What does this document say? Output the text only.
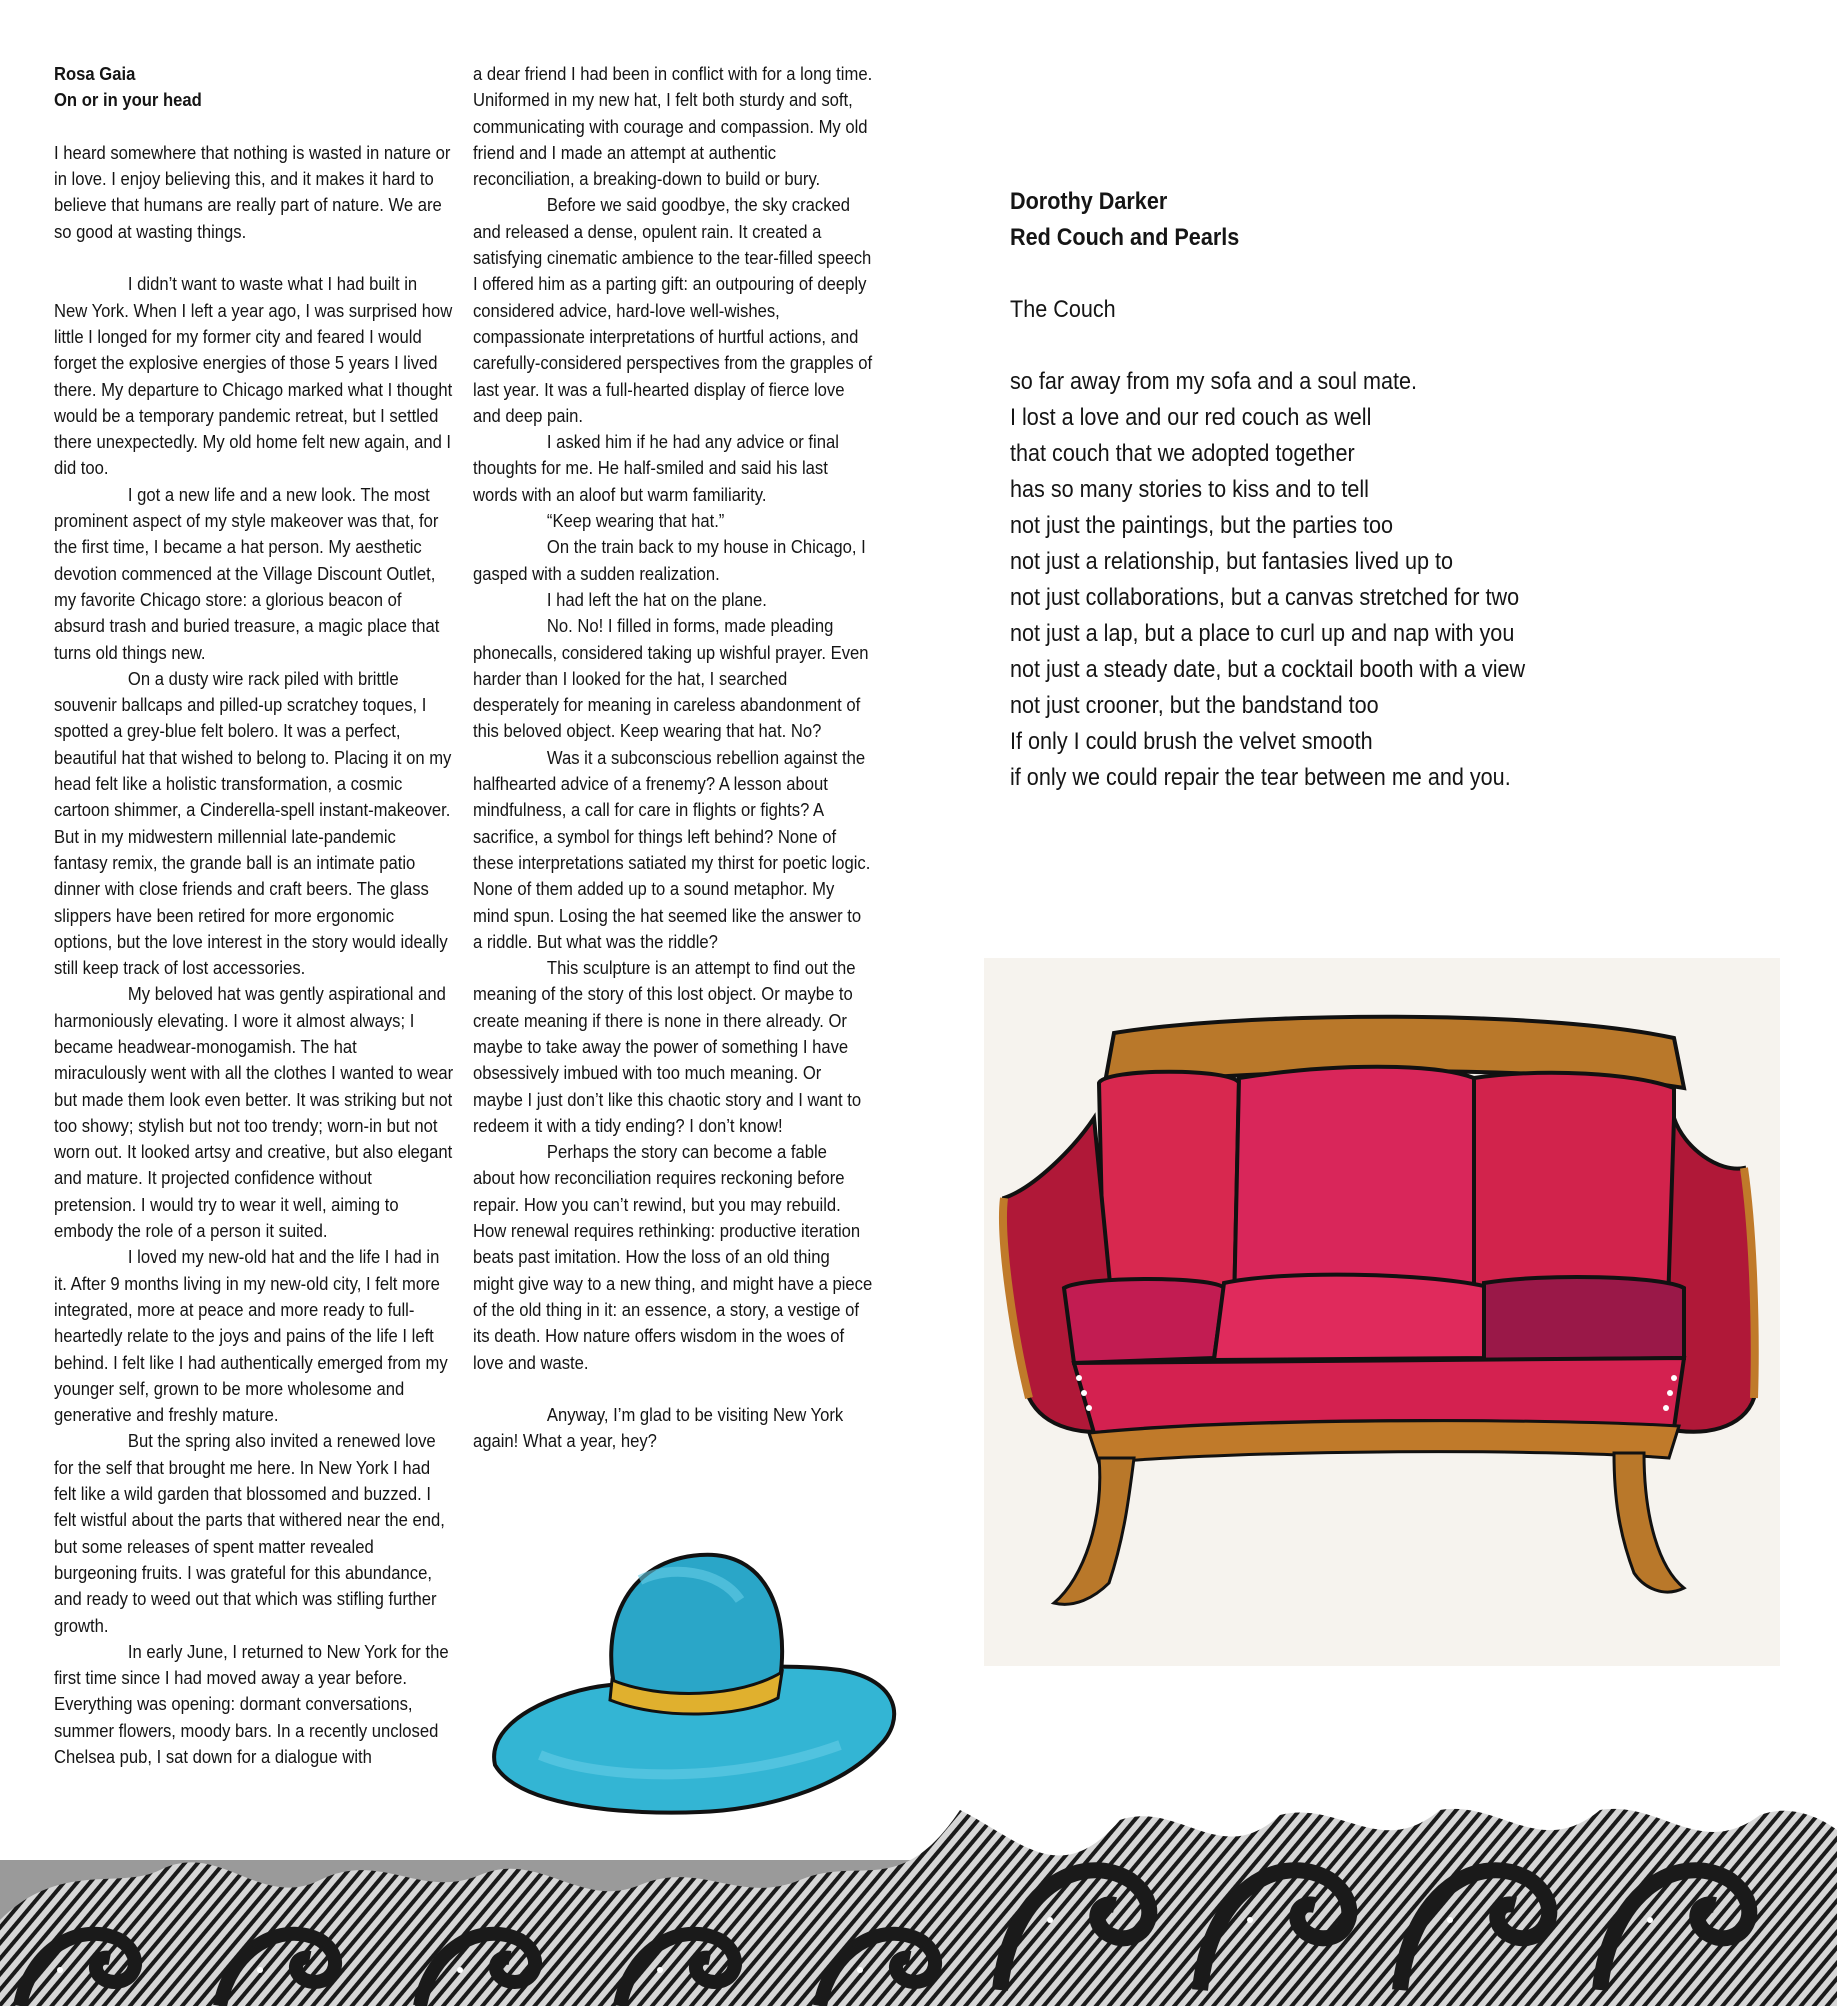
Rosa Gaia

On or in your head

I heard somewhere that nothing is wasted in nature or in love. I enjoy believing this, and it makes it hard to believe that humans are really part of nature. We are so good at wasting things.

I didn’t want to waste what I had built in New York. When I left a year ago, I was surprised how little I longed for my former city and feared I would forget the explosive energies of those 5 years I lived there. My departure to Chicago marked what I thought would be a temporary pandemic retreat, but I settled there unexpectedly. My old home felt new again, and I did too.

I got a new life and a new look. The most prominent aspect of my style makeover was that, for the first time, I became a hat person. My aesthetic devotion commenced at the Village Discount Outlet, my favorite Chicago store: a glorious beacon of absurd trash and buried treasure, a magic place that turns old things new.

On a dusty wire rack piled with brittle souvenir ballcaps and pilled-up scratchey toques, I spotted a grey-blue felt bolero. It was a perfect, beautiful hat that wished to belong to. Placing it on my head felt like a holistic transformation, a cosmic cartoon shimmer, a Cinderella-spell instant-makeover. But in my midwestern millennial late-pandemic fantasy remix, the grande ball is an intimate patio dinner with close friends and craft beers. The glass slippers have been retired for more ergonomic options, but the love interest in the story would ideally still keep track of lost accessories.

My beloved hat was gently aspirational and harmoniously elevating. I wore it almost always; I became headwear-monogamish. The hat miraculously went with all the clothes I wanted to wear but made them look even better. It was striking but not too showy; stylish but not too trendy; worn-in but not worn out. It looked artsy and creative, but also elegant and mature. It projected confidence without pretension. I would try to wear it well, aiming to embody the role of a person it suited.

I loved my new-old hat and the life I had in it. After 9 months living in my new-old city, I felt more integrated, more at peace and more ready to full-heartedly relate to the joys and pains of the life I left behind. I felt like I had authentically emerged from my younger self, grown to be more wholesome and generative and freshly mature.

But the spring also invited a renewed love for the self that brought me here. In New York I had felt like a wild garden that blossomed and buzzed. I felt wistful about the parts that withered near the end, but some releases of spent matter revealed burgeoning fruits. I was grateful for this abundance, and ready to weed out that which was stifling further growth.

In early June, I returned to New York for the first time since I had moved away a year before. Everything was opening: dormant conversations, summer flowers, moody bars. In a recently unclosed Chelsea pub, I sat down for a dialogue with

a dear friend I had been in conflict with for a long time. Uniformed in my new hat, I felt both sturdy and soft, communicating with courage and compassion. My old friend and I made an attempt at authentic reconciliation, a breaking-down to build or bury.

Before we said goodbye, the sky cracked and released a dense, opulent rain. It created a satisfying cinematic ambience to the tear-filled speech I offered him as a parting gift: an outpouring of deeply considered advice, hard-love well-wishes, compassionate interpretations of hurtful actions, and carefully-considered perspectives from the grapples of last year. It was a full-hearted display of fierce love and deep pain.

I asked him if he had any advice or final thoughts for me. He half-smiled and said his last words with an aloof but warm familiarity.

“Keep wearing that hat.”

On the train back to my house in Chicago, I gasped with a sudden realization.

I had left the hat on the plane.

No. No! I filled in forms, made pleading phonecalls, considered taking up wishful prayer. Even harder than I looked for the hat, I searched desperately for meaning in careless abandonment of this beloved object. Keep wearing that hat. No?

Was it a subconscious rebellion against the halfhearted advice of a frenemy? A lesson about mindfulness, a call for care in flights or fights? A sacrifice, a symbol for things left behind? None of these interpretations satiated my thirst for poetic logic. None of them added up to a sound metaphor. My mind spun. Losing the hat seemed like the answer to a riddle. But what was the riddle?

This sculpture is an attempt to find out the meaning of the story of this lost object. Or maybe to create meaning if there is none in there already. Or maybe to take away the power of something I have obsessively imbued with too much meaning. Or maybe I just don’t like this chaotic story and I want to redeem it with a tidy ending? I don’t know!

Perhaps the story can become a fable about how reconciliation requires reckoning before repair. How you can’t rewind, but you may rebuild. How renewal requires rethinking: productive iteration beats past imitation. How the loss of an old thing might give way to a new thing, and might have a piece of the old thing in it: an essence, a story, a vestige of its death. How nature offers wisdom in the woes of love and waste.

Anyway, I’m glad to be visiting New York again! What a year, hey?

Dorothy Darker
Red Couch and Pearls
The Couch
so far away from my sofa and a soul mate.
I lost a love and our red couch as well
that couch that we adopted together
has so many stories to kiss and to tell
not just the paintings, but the parties too
not just a relationship, but fantasies lived up to
not just collaborations, but a canvas stretched for two
not just a lap, but a place to curl up and nap with you
not just a steady date, but a cocktail booth with a view
not just crooner, but the bandstand too
If only I could brush the velvet smooth
if only we could repair the tear between me and you.
